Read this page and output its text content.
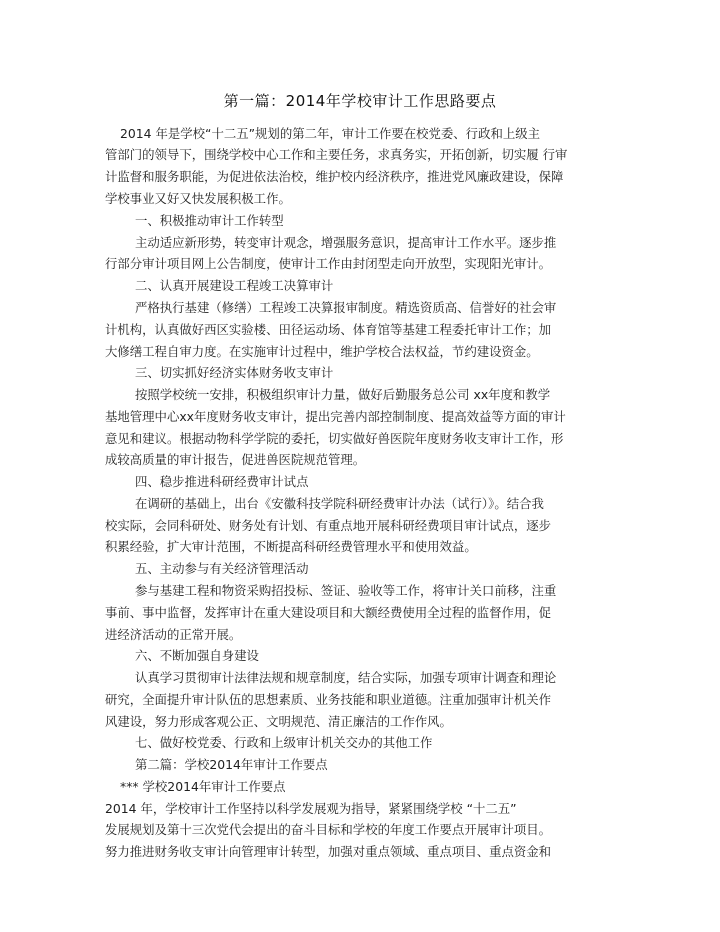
第一篇：2014年学校审计工作思路要点
2014 年是学校“十二五”规划的第二年，审计工作要在校党委、行政和上级主
管部门的领导下，围绕学校中心工作和主要任务，求真务实，开拓创新，切实履 行审
计监督和服务职能，为促进依法治校，维护校内经济秩序，推进党风廉政建设，保障
学校事业又好又快发展积极工作。
一、积极推动审计工作转型
主动适应新形势，转变审计观念，增强服务意识，提高审计工作水平。逐步推
行部分审计项目网上公告制度，使审计工作由封闭型走向开放型，实现阳光审计。
二、认真开展建设工程竣工决算审计
严格执行基建（修缮）工程竣工决算报审制度。精选资质高、信誉好的社会审
计机构，认真做好西区实验楼、田径运动场、体育馆等基建工程委托审计工作；加
大修缮工程自审力度。在实施审计过程中，维护学校合法权益，节约建设资金。
三、切实抓好经济实体财务收支审计
按照学校统一安排，积极组织审计力量，做好后勤服务总公司 xx年度和教学
基地管理中心xx年度财务收支审计，提出完善内部控制制度、提高效益等方面的审计
意见和建议。根据动物科学学院的委托，切实做好兽医院年度财务收支审计工作，形
成较高质量的审计报告，促进兽医院规范管理。
四、稳步推进科研经费审计试点
在调研的基础上，出台《安徽科技学院科研经费审计办法（试行）》。结合我
校实际，会同科研处、财务处有计划、有重点地开展科研经费项目审计试点，逐步
积累经验，扩大审计范围，不断提高科研经费管理水平和使用效益。
五、主动参与有关经济管理活动
参与基建工程和物资采购招投标、签证、验收等工作，将审计关口前移，注重
事前、事中监督，发挥审计在重大建设项目和大额经费使用全过程的监督作用，促
进经济活动的正常开展。
六、不断加强自身建设
认真学习贯彻审计法律法规和规章制度，结合实际，加强专项审计调查和理论
研究，全面提升审计队伍的思想素质、业务技能和职业道德。注重加强审计机关作
风建设，努力形成客观公正、文明规范、清正廉洁的工作作风。
七、做好校党委、行政和上级审计机关交办的其他工作
第二篇：学校2014年审计工作要点
*** 学校2014年审计工作要点
2014 年，学校审计工作坚持以科学发展观为指导，紧紧围绕学校 “十二五”
发展规划及第十三次党代会提出的奋斗目标和学校的年度工作要点开展审计项目。
努力推进财务收支审计向管理审计转型，加强对重点领域、重点项目、重点资金和
